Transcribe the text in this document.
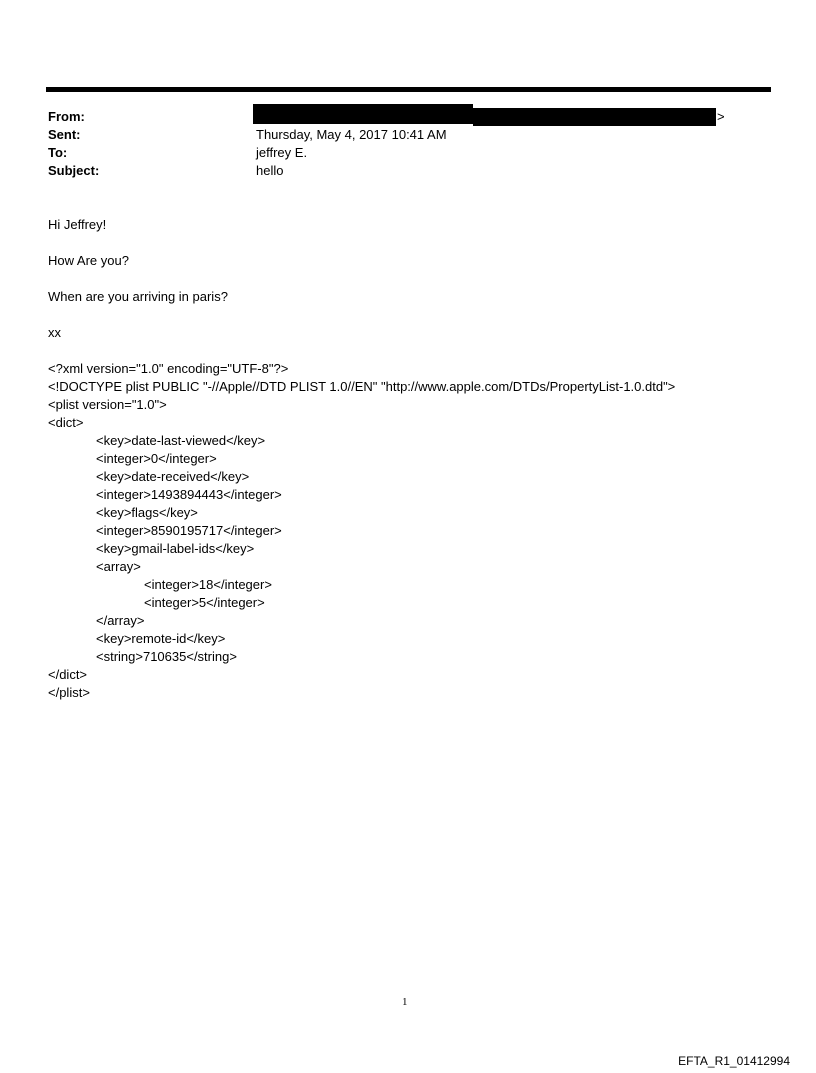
From:	>
Sent:	Thursday, May 4, 2017 10:41 AM
To:	jeffrey E.
Subject:	hello
Hi Jeffrey!
How Are you?
When are you arriving in paris?
xx
<?xml version="1.0" encoding="UTF-8"?>
<!DOCTYPE plist PUBLIC "-//Apple//DTD PLIST 1.0//EN" "http://www.apple.com/DTDs/PropertyList-1.0.dtd">
<plist version="1.0">
<dict>
<key>date-last-viewed</key>
<integer>0</integer>
<key>date-received</key>
<integer>1493894443</integer>
<key>flags</key>
<integer>8590195717</integer>
<key>gmail-label-ids</key>
<array>
<integer>18</integer>
<integer>5</integer>
</array>
<key>remote-id</key>
<string>710635</string>
</dict>
</plist>
1
EFTA_R1_01412994
